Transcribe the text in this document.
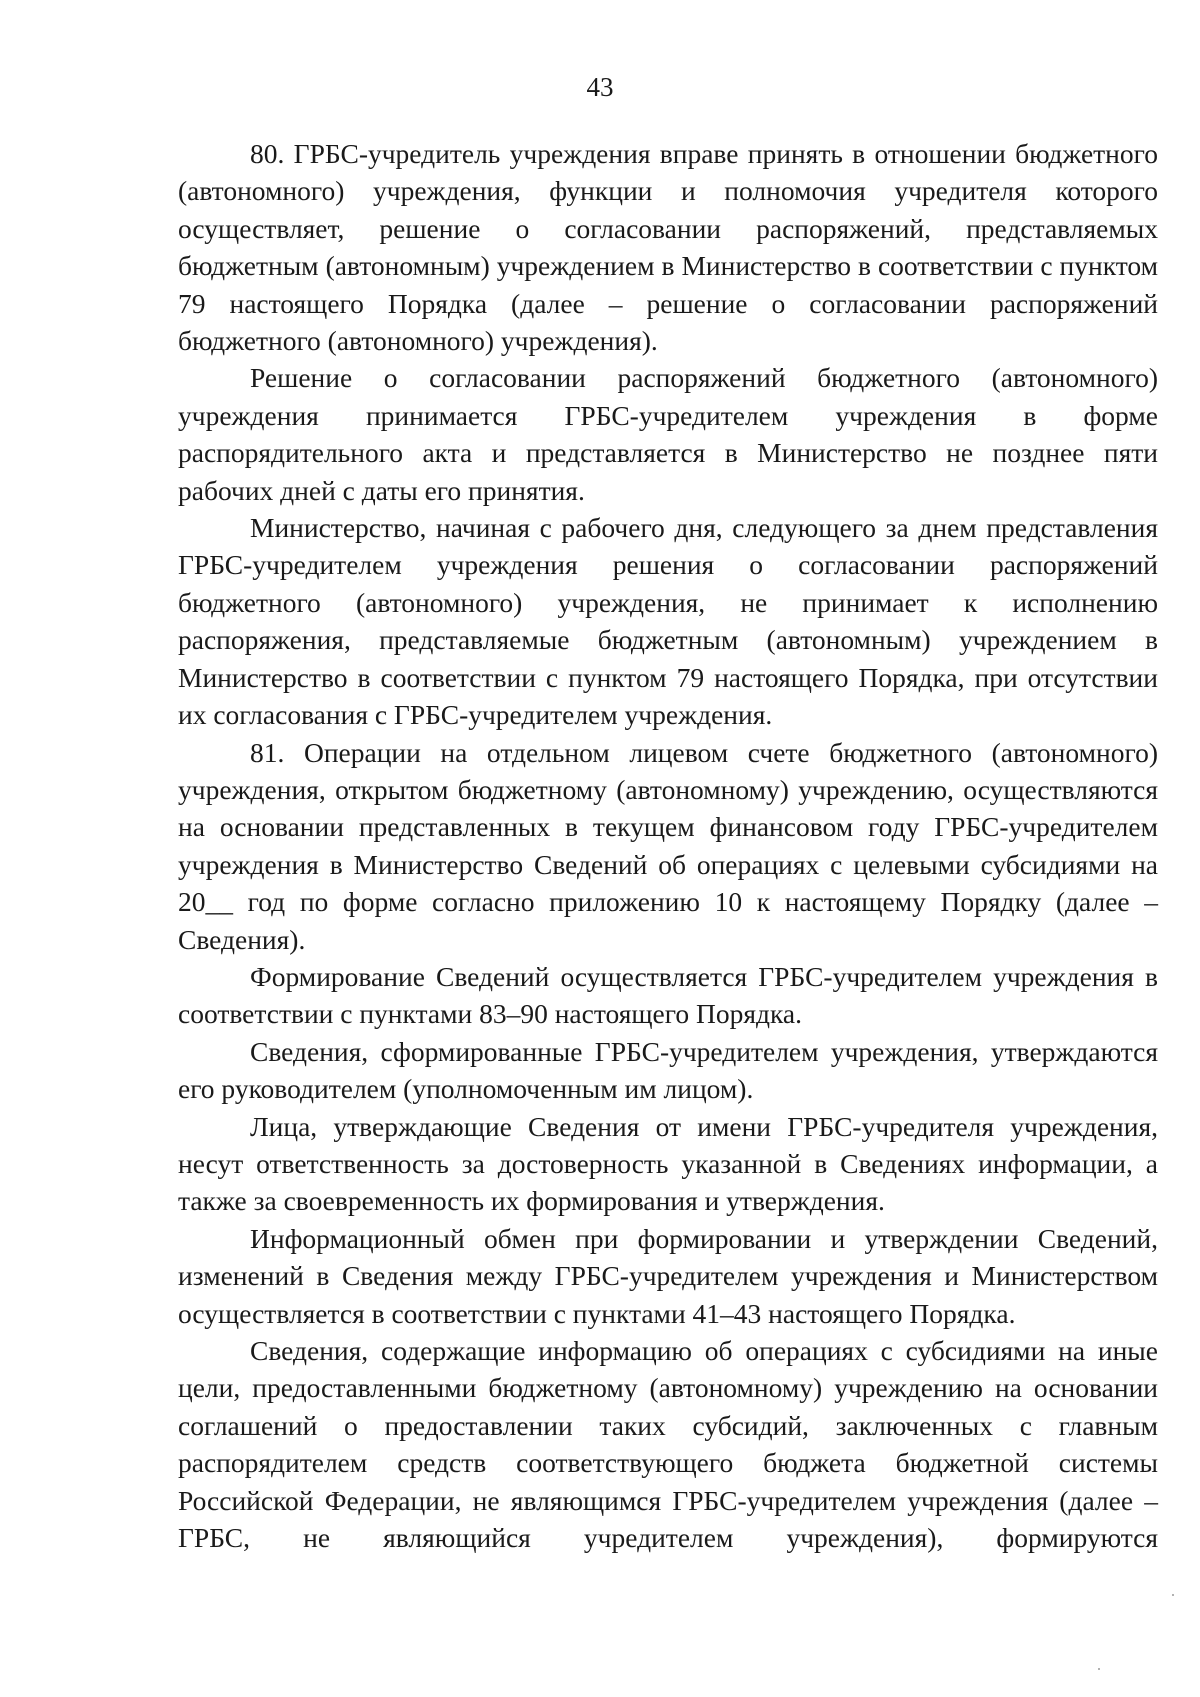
43

80. ГРБС-учредитель учреждения вправе принять в отношении бюджетного (автономного) учреждения, функции и полномочия учредителя которого осуществляет, решение о согласовании распоряжений, представляемых бюджетным (автономным) учреждением в Министерство в соответствии с пунктом 79 настоящего Порядка (далее – решение о согласовании распоряжений бюджетного (автономного) учреждения).

Решение о согласовании распоряжений бюджетного (автономного) учреждения принимается ГРБС-учредителем учреждения в форме распорядительного акта и представляется в Министерство не позднее пяти рабочих дней с даты его принятия.

Министерство, начиная с рабочего дня, следующего за днем представления ГРБС-учредителем учреждения решения о согласовании распоряжений бюджетного (автономного) учреждения, не принимает к исполнению распоряжения, представляемые бюджетным (автономным) учреждением в Министерство в соответствии с пунктом 79 настоящего Порядка, при отсутствии их согласования с ГРБС-учредителем учреждения.

81. Операции на отдельном лицевом счете бюджетного (автономного) учреждения, открытом бюджетному (автономному) учреждению, осуществляются на основании представленных в текущем финансовом году ГРБС-учредителем учреждения в Министерство Сведений об операциях с целевыми субсидиями на 20__ год по форме согласно приложению 10 к настоящему Порядку (далее – Сведения).

Формирование Сведений осуществляется ГРБС-учредителем учреждения в соответствии с пунктами 83–90 настоящего Порядка.

Сведения, сформированные ГРБС-учредителем учреждения, утверждаются его руководителем (уполномоченным им лицом).

Лица, утверждающие Сведения от имени ГРБС-учредителя учреждения, несут ответственность за достоверность указанной в Сведениях информации, а также за своевременность их формирования и утверждения.

Информационный обмен при формировании и утверждении Сведений, изменений в Сведения между ГРБС-учредителем учреждения и Министерством осуществляется в соответствии с пунктами 41–43 настоящего Порядка.

Сведения, содержащие информацию об операциях с субсидиями на иные цели, предоставленными бюджетному (автономному) учреждению на основании соглашений о предоставлении таких субсидий, заключенных с главным распорядителем средств соответствующего бюджета бюджетной системы Российской Федерации, не являющимся ГРБС-учредителем учреждения (далее – ГРБС, не являющийся учредителем учреждения), формируются
